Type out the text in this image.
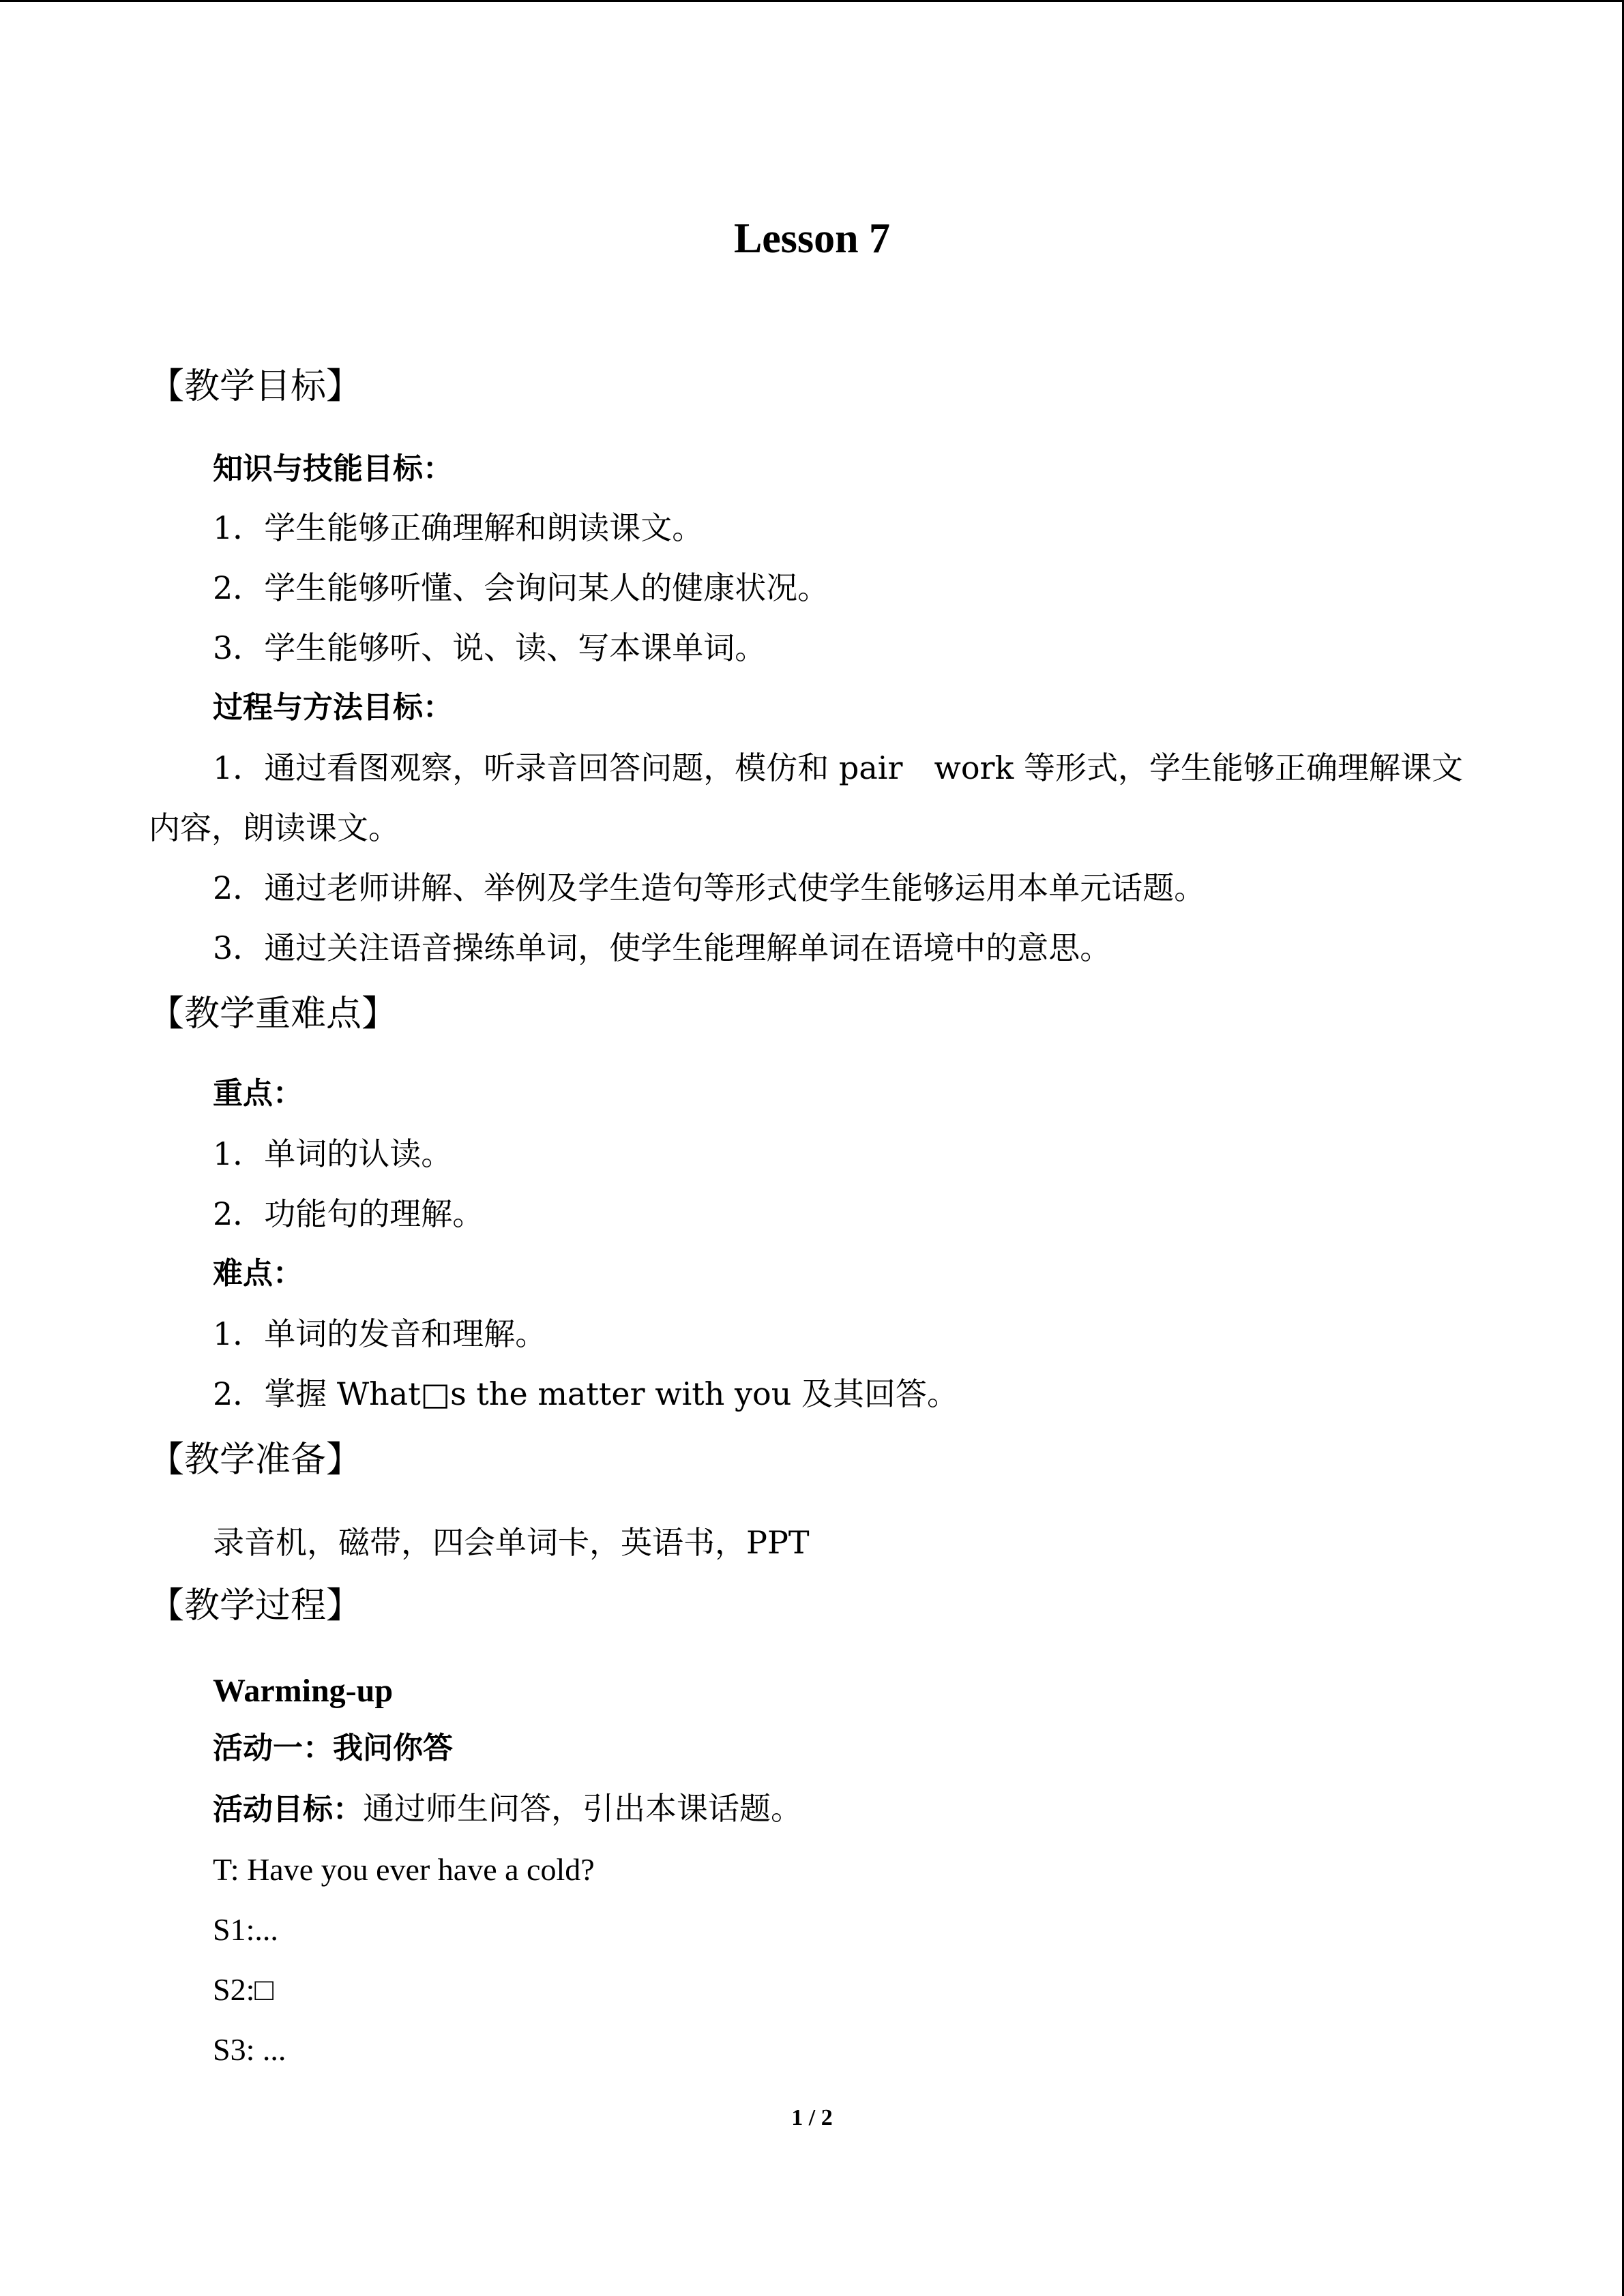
Lesson 7
【教学目标】
知识与技能目标：
1．学生能够正确理解和朗读课文。
2．学生能够听懂、会询问某人的健康状况。
3．学生能够听、说、读、写本课单词。
过程与方法目标：
1．通过看图观察，听录音回答问题，模仿和 pair　work 等形式，学生能够正确理解课文
内容，朗读课文。
2．通过老师讲解、举例及学生造句等形式使学生能够运用本单元话题。
3．通过关注语音操练单词，使学生能理解单词在语境中的意思。
【教学重难点】
重点：
1．单词的认读。
2．功能句的理解。
难点：
1．单词的发音和理解。
2．掌握 What□s the matter with you 及其回答。
【教学准备】
录音机，磁带，四会单词卡，英语书，PPT
【教学过程】
Warming-up
活动一：我问你答
活动目标：通过师生问答，引出本课话题。
T: Have you ever have a cold?
S1:...
S2:□
S3: ...
1 / 2
